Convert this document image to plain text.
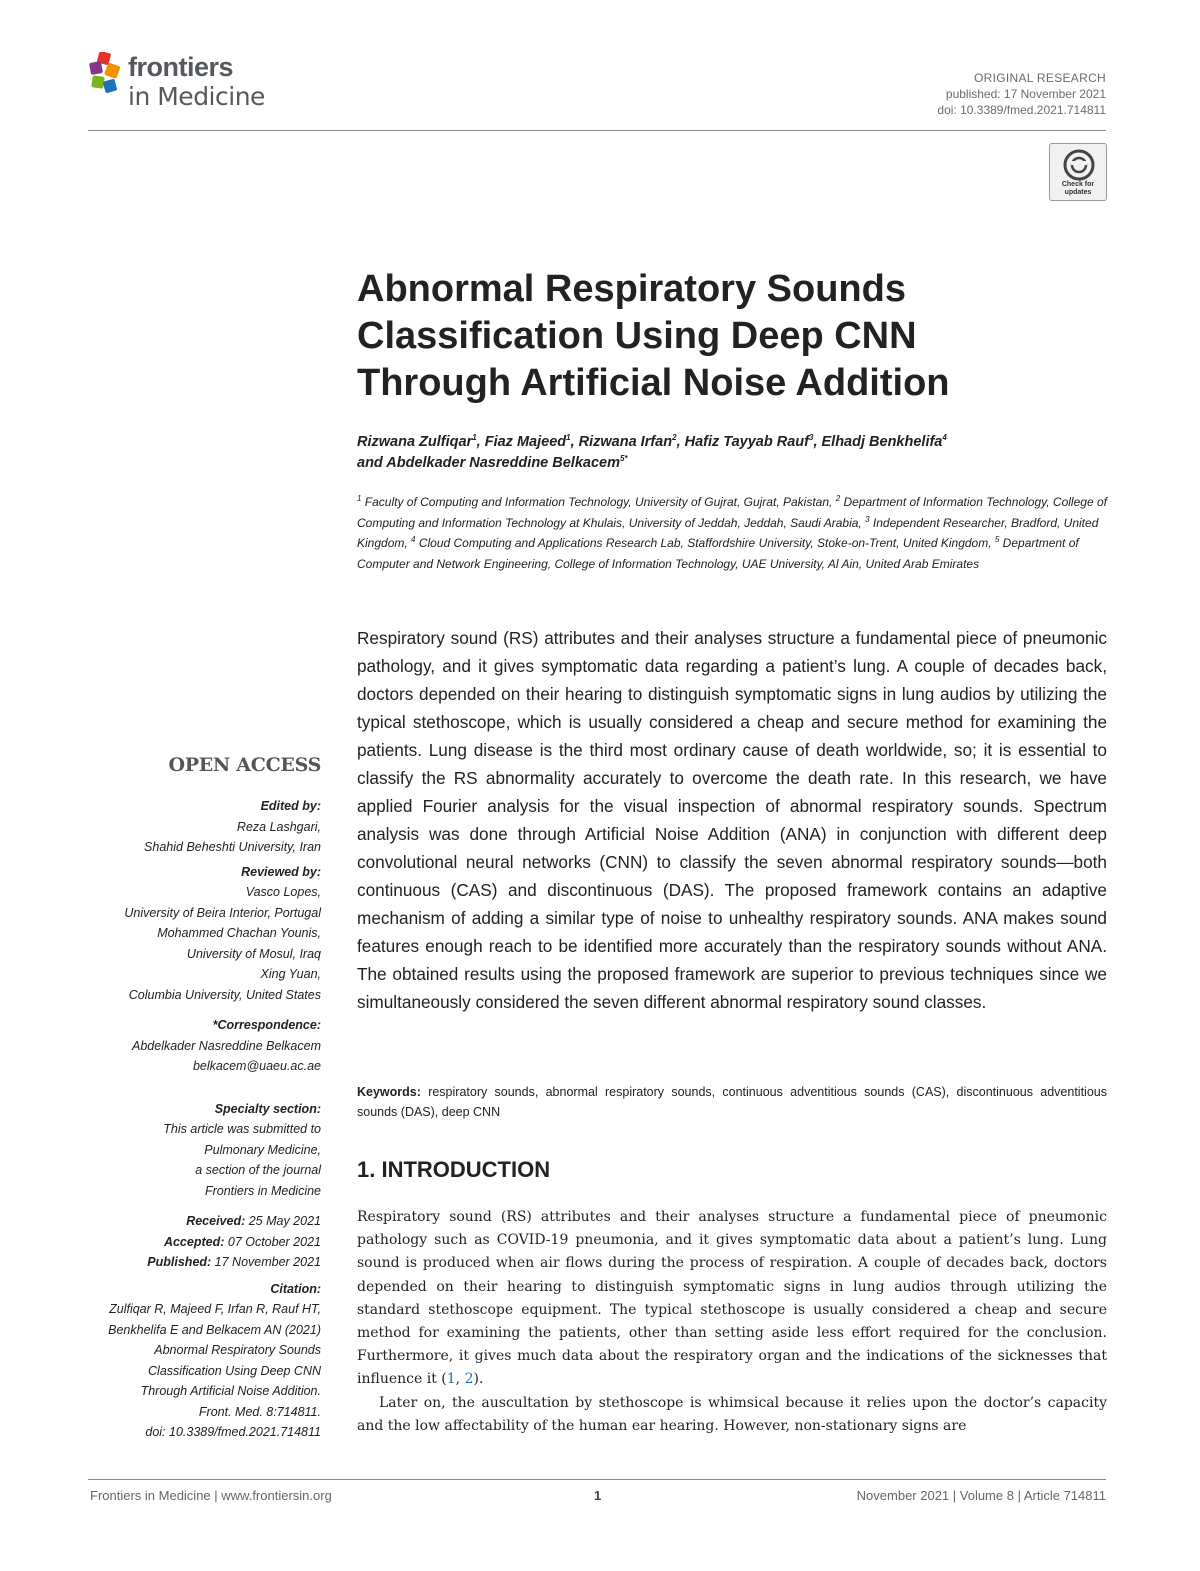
frontiers
in Medicine
ORIGINAL RESEARCH
published: 17 November 2021
doi: 10.3389/fmed.2021.714811
Check for
updates
Abnormal Respiratory Sounds
Classification Using Deep CNN
Through Artificial Noise Addition

Rizwana Zulfiqar$^1$, Fiaz Majeed$^1$, Rizwana Irfan$^2$, Hafiz Tayyab Rauf$^3$, Elhadj Benkhelifa$^4$
and Abdelkader Nasreddine Belkacem$^{5*}$

$^1$ Faculty of Computing and Information Technology, University of Gujrat, Gujrat, Pakistan, $^2$ Department of Information Technology, College of Computing and Information Technology at Khulais, University of Jeddah, Jeddah, Saudi Arabia, $^3$ Independent Researcher, Bradford, United Kingdom, $^4$ Cloud Computing and Applications Research Lab, Staffordshire University, Stoke-on-Trent, United Kingdom, $^5$ Department of Computer and Network Engineering, College of Information Technology, UAE University, Al Ain, United Arab Emirates

Respiratory sound (RS) attributes and their analyses structure a fundamental piece of pneumonic pathology, and it gives symptomatic data regarding a patient’s lung. A couple of decades back, doctors depended on their hearing to distinguish symptomatic signs in lung audios by utilizing the typical stethoscope, which is usually considered a cheap and secure method for examining the patients. Lung disease is the third most ordinary cause of death worldwide, so; it is essential to classify the RS abnormality accurately to overcome the death rate. In this research, we have applied Fourier analysis for the visual inspection of abnormal respiratory sounds. Spectrum analysis was done through Artificial Noise Addition (ANA) in conjunction with different deep convolutional neural networks (CNN) to classify the seven abnormal respiratory sounds—both continuous (CAS) and discontinuous (DAS). The proposed framework contains an adaptive mechanism of adding a similar type of noise to unhealthy respiratory sounds. ANA makes sound features enough reach to be identified more accurately than the respiratory sounds without ANA. The obtained results using the proposed framework are superior to previous techniques since we simultaneously considered the seven different abnormal respiratory sound classes.

Keywords: respiratory sounds, abnormal respiratory sounds, continuous adventitious sounds (CAS), discontinuous adventitious sounds (DAS), deep CNN

1. INTRODUCTION

Respiratory sound (RS) attributes and their analyses structure a fundamental piece of pneumonic pathology such as COVID-19 pneumonia, and it gives symptomatic data about a patient’s lung. Lung sound is produced when air flows during the process of respiration. A couple of decades back, doctors depended on their hearing to distinguish symptomatic signs in lung audios through utilizing the standard stethoscope equipment. The typical stethoscope is usually considered a cheap and secure method for examining the patients, other than setting aside less effort required for the conclusion. Furthermore, it gives much data about the respiratory organ and the indications of the sicknesses that influence it (1, 2).

Later on, the auscultation by stethoscope is whimsical because it relies upon the doctor’s capacity and the low affectability of the human ear hearing. However, non-stationary signs are

OPEN ACCESS
Edited by:
Reza Lashgari,
Shahid Beheshti University, Iran
Reviewed by:
Vasco Lopes,
University of Beira Interior, Portugal
Mohammed Chachan Younis,
University of Mosul, Iraq
Xing Yuan,
Columbia University, United States
*Correspondence:
Abdelkader Nasreddine Belkacem
belkacem@uaeu.ac.ae
Specialty section:
This article was submitted to
Pulmonary Medicine,
a section of the journal
Frontiers in Medicine
Received: 25 May 2021
Accepted: 07 October 2021
Published: 17 November 2021
Citation:
Zulfiqar R, Majeed F, Irfan R, Rauf HT,
Benkhelifa E and Belkacem AN (2021)
Abnormal Respiratory Sounds
Classification Using Deep CNN
Through Artificial Noise Addition.
Front. Med. 8:714811.
doi: 10.3389/fmed.2021.714811
Frontiers in Medicine | www.frontiersin.org	1	November 2021 | Volume 8 | Article 714811
